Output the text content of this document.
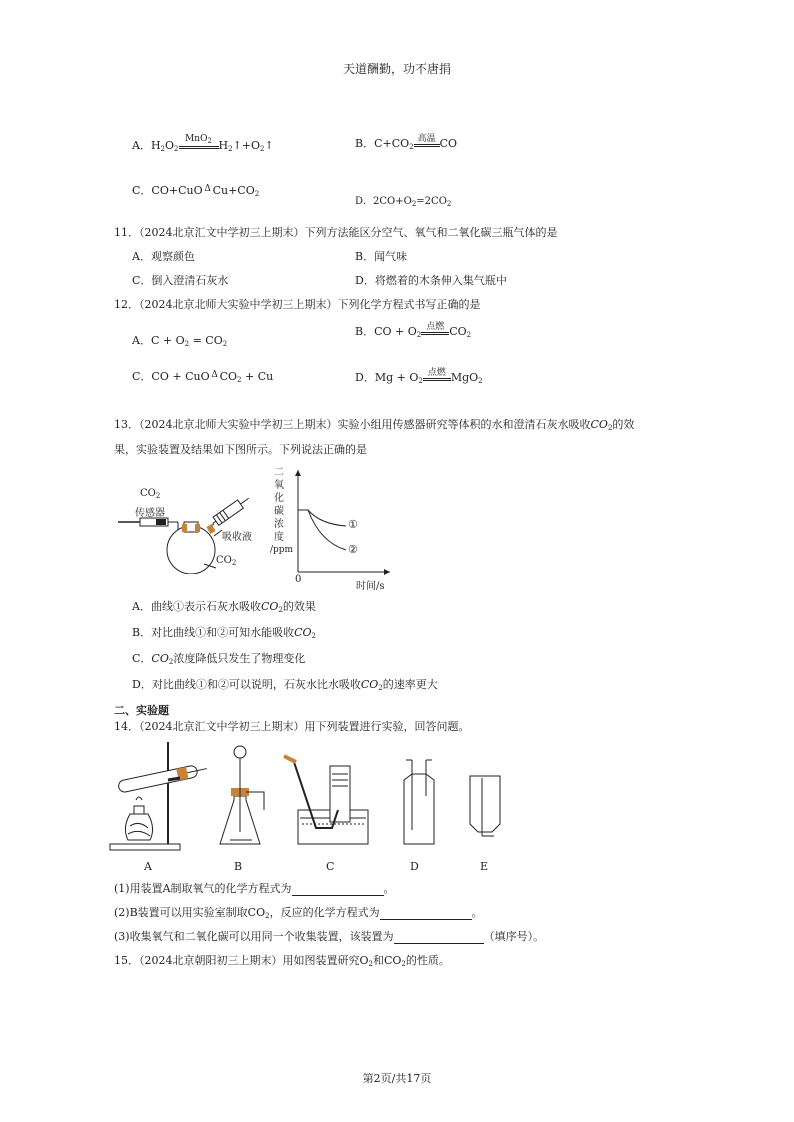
天道酬勤，功不唐捐
A．$H_2O_2$
MnO$_2$ $H_2↑+O_2↑$	B．$C+CO_2$
高温 CO
C．CO+CuO Δ $Cu+CO_2$
D．$2CO+O_2=2CO_2$
11．（2024北京汇文中学初三上期末）下列方法能区分空气、氧气和二氧化碳三瓶气体的是
A．观察颜色	B．闻气味
C．倒入澄清石灰水	D．将燃着的木条伸入集气瓶中
12．（2024北京北师大实验中学初三上期末）下列化学方程式书写正确的是
A．$C + O_2 = CO_2$
B．CO + $O_2$
点燃 $CO_2$
C．CO + CuO Δ $CO_2 + Cu$	D．$Mg + O_2$
点燃 MgO$_2$
13．（2024北京北师大实验中学初三上期末）实验小组用传感器研究等体积的水和澄清石灰水吸收$CO_2$的效
果，实验装置及结果如下图所示。下列说法正确的是
$CO_2$
传感器
吸收液
$CO_2$
二
氧
化
碳
浓
度
/ppm
0
时间/s
①
②
A．曲线①表示石灰水吸收$CO_2$的效果
B．对比曲线①和②可知水能吸收$CO_2$
C．$CO_2$浓度降低只发生了物理变化
D．对比曲线①和②可以说明，石灰水比水吸收$CO_2$的速率更大
二、实验题
14．（2024北京汇文中学初三上期末）用下列装置进行实验，回答问题。
A	B	C	D	E
(1)用装置A制取氧气的化学方程式为	。
(2)B装置可以用实验室制取$CO_2$，反应的化学方程式为	。
(3)收集氧气和二氧化碳可以用同一个收集装置，该装置为	（填序号）。
15．（2024北京朝阳初三上期末）用如图装置研究$O_2$和$CO_2$的性质。
第2页/共17页
